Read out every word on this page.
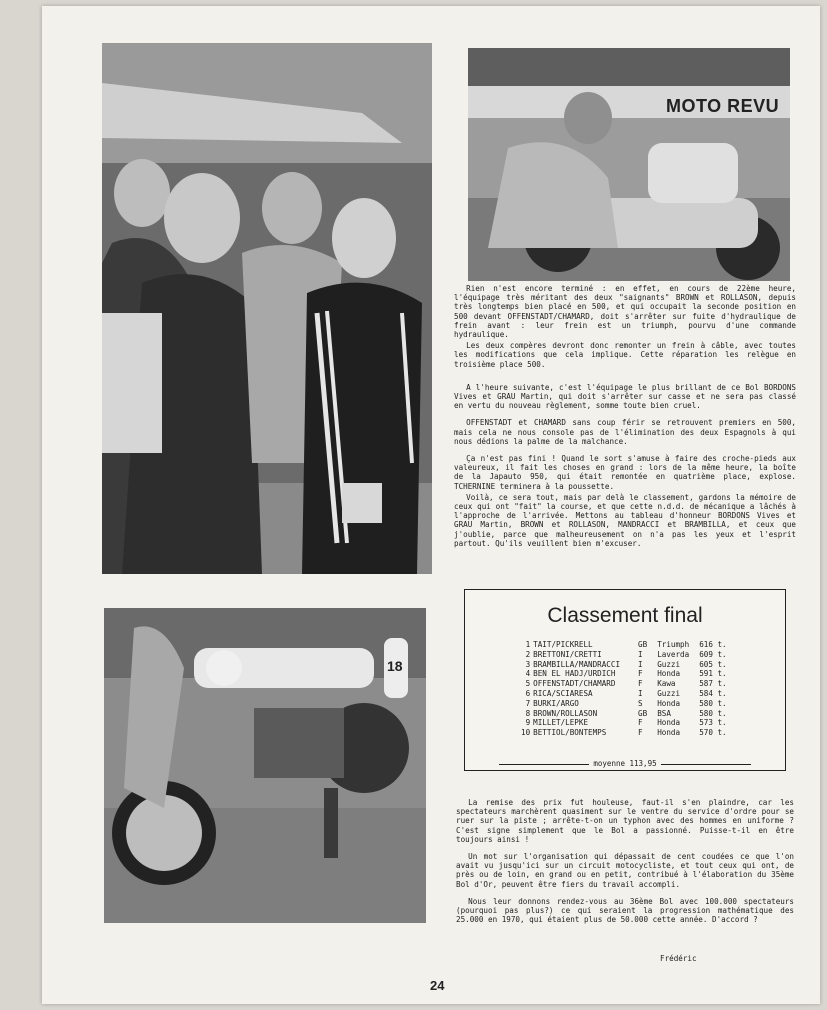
MOTO REVU

Rien n'est encore terminé : en effet, en cours de 22ème heure, l'équipage très méritant des deux "saignants" BROWN et ROLLASON, depuis très longtemps bien placé en 500, et qui occupait la seconde position en 500 devant OFFENSTADT/CHAMARD, doit s'arrêter sur fuite d'hydraulique de frein avant : leur frein est un triumph, pourvu d'une commande hydraulique.

Les deux compères devront donc remonter un frein à câble, avec toutes les modifications que cela implique. Cette réparation les relègue en troisième place 500.

A l'heure suivante, c'est l'équipage le plus brillant de ce Bol BORDONS Vives et GRAU Martin, qui doit s'arrêter sur casse et ne sera pas classé en vertu du nouveau règlement, somme toute bien cruel.

OFFENSTADT et CHAMARD sans coup férir se retrouvent premiers en 500, mais cela ne nous console pas de l'élimination des deux Espagnols à qui nous dédions la palme de la malchance.

Ça n'est pas fini ! Quand le sort s'amuse à faire des croche-pieds aux valeureux, il fait les choses en grand : lors de la même heure, la boîte de la Japauto 950, qui était remontée en quatrième place, explose. TCHERNINE terminera à la poussette.

Voilà, ce sera tout, mais par delà le classement, gardons la mémoire de ceux qui ont "fait" la course, et que cette n.d.d. de mécanique a lâchés à l'approche de l'arrivée. Mettons au tableau d'honneur BORDONS Vives et GRAU Martin, BROWN et ROLLASON, MANDRACCI et BRAMBILLA, et ceux que j'oublie, parce que malheureusement on n'a pas les yeux et l'esprit partout. Qu'ils veuillent bien m'excuser.

18
Classement final
1	TAIT/PICKRELL	GB	Triumph	616 t.
2	BRETTONI/CRETTI	I	Laverda	609 t.
3	BRAMBILLA/MANDRACCI	I	Guzzi	605 t.
4	BEN EL HADJ/URDICH	F	Honda	591 t.
5	OFFENSTADT/CHAMARD	F	Kawa	587 t.
6	RICA/SCIARESA	I	Guzzi	584 t.
7	BURKI/ARGO	S	Honda	580 t.
8	BROWN/ROLLASON	GB	BSA	580 t.
9	MILLET/LEPKE	F	Honda	573 t.
10	BETTIOL/BONTEMPS	F	Honda	570 t.
moyenne 113,95

La remise des prix fut houleuse, faut-il s'en plaindre, car les spectateurs marchèrent quasiment sur le ventre du service d'ordre pour se ruer sur la piste ; arrête-t-on un typhon avec des hommes en uniforme ? C'est signe simplement que le Bol a passionné. Puisse-t-il en être toujours ainsi !

Un mot sur l'organisation qui dépassait de cent coudées ce que l'on avait vu jusqu'ici sur un circuit motocycliste, et tout ceux qui ont, de près ou de loin, en grand ou en petit, contribué à l'élaboration du 35ème Bol d'Or, peuvent être fiers du travail accompli.

Nous leur donnons rendez-vous au 36ème Bol avec 100.000 spectateurs (pourquoi pas plus?) ce qui seraient la progression mathématique des 25.000 en 1970, qui étaient plus de 50.000 cette année. D'accord ?

Frédéric
24
